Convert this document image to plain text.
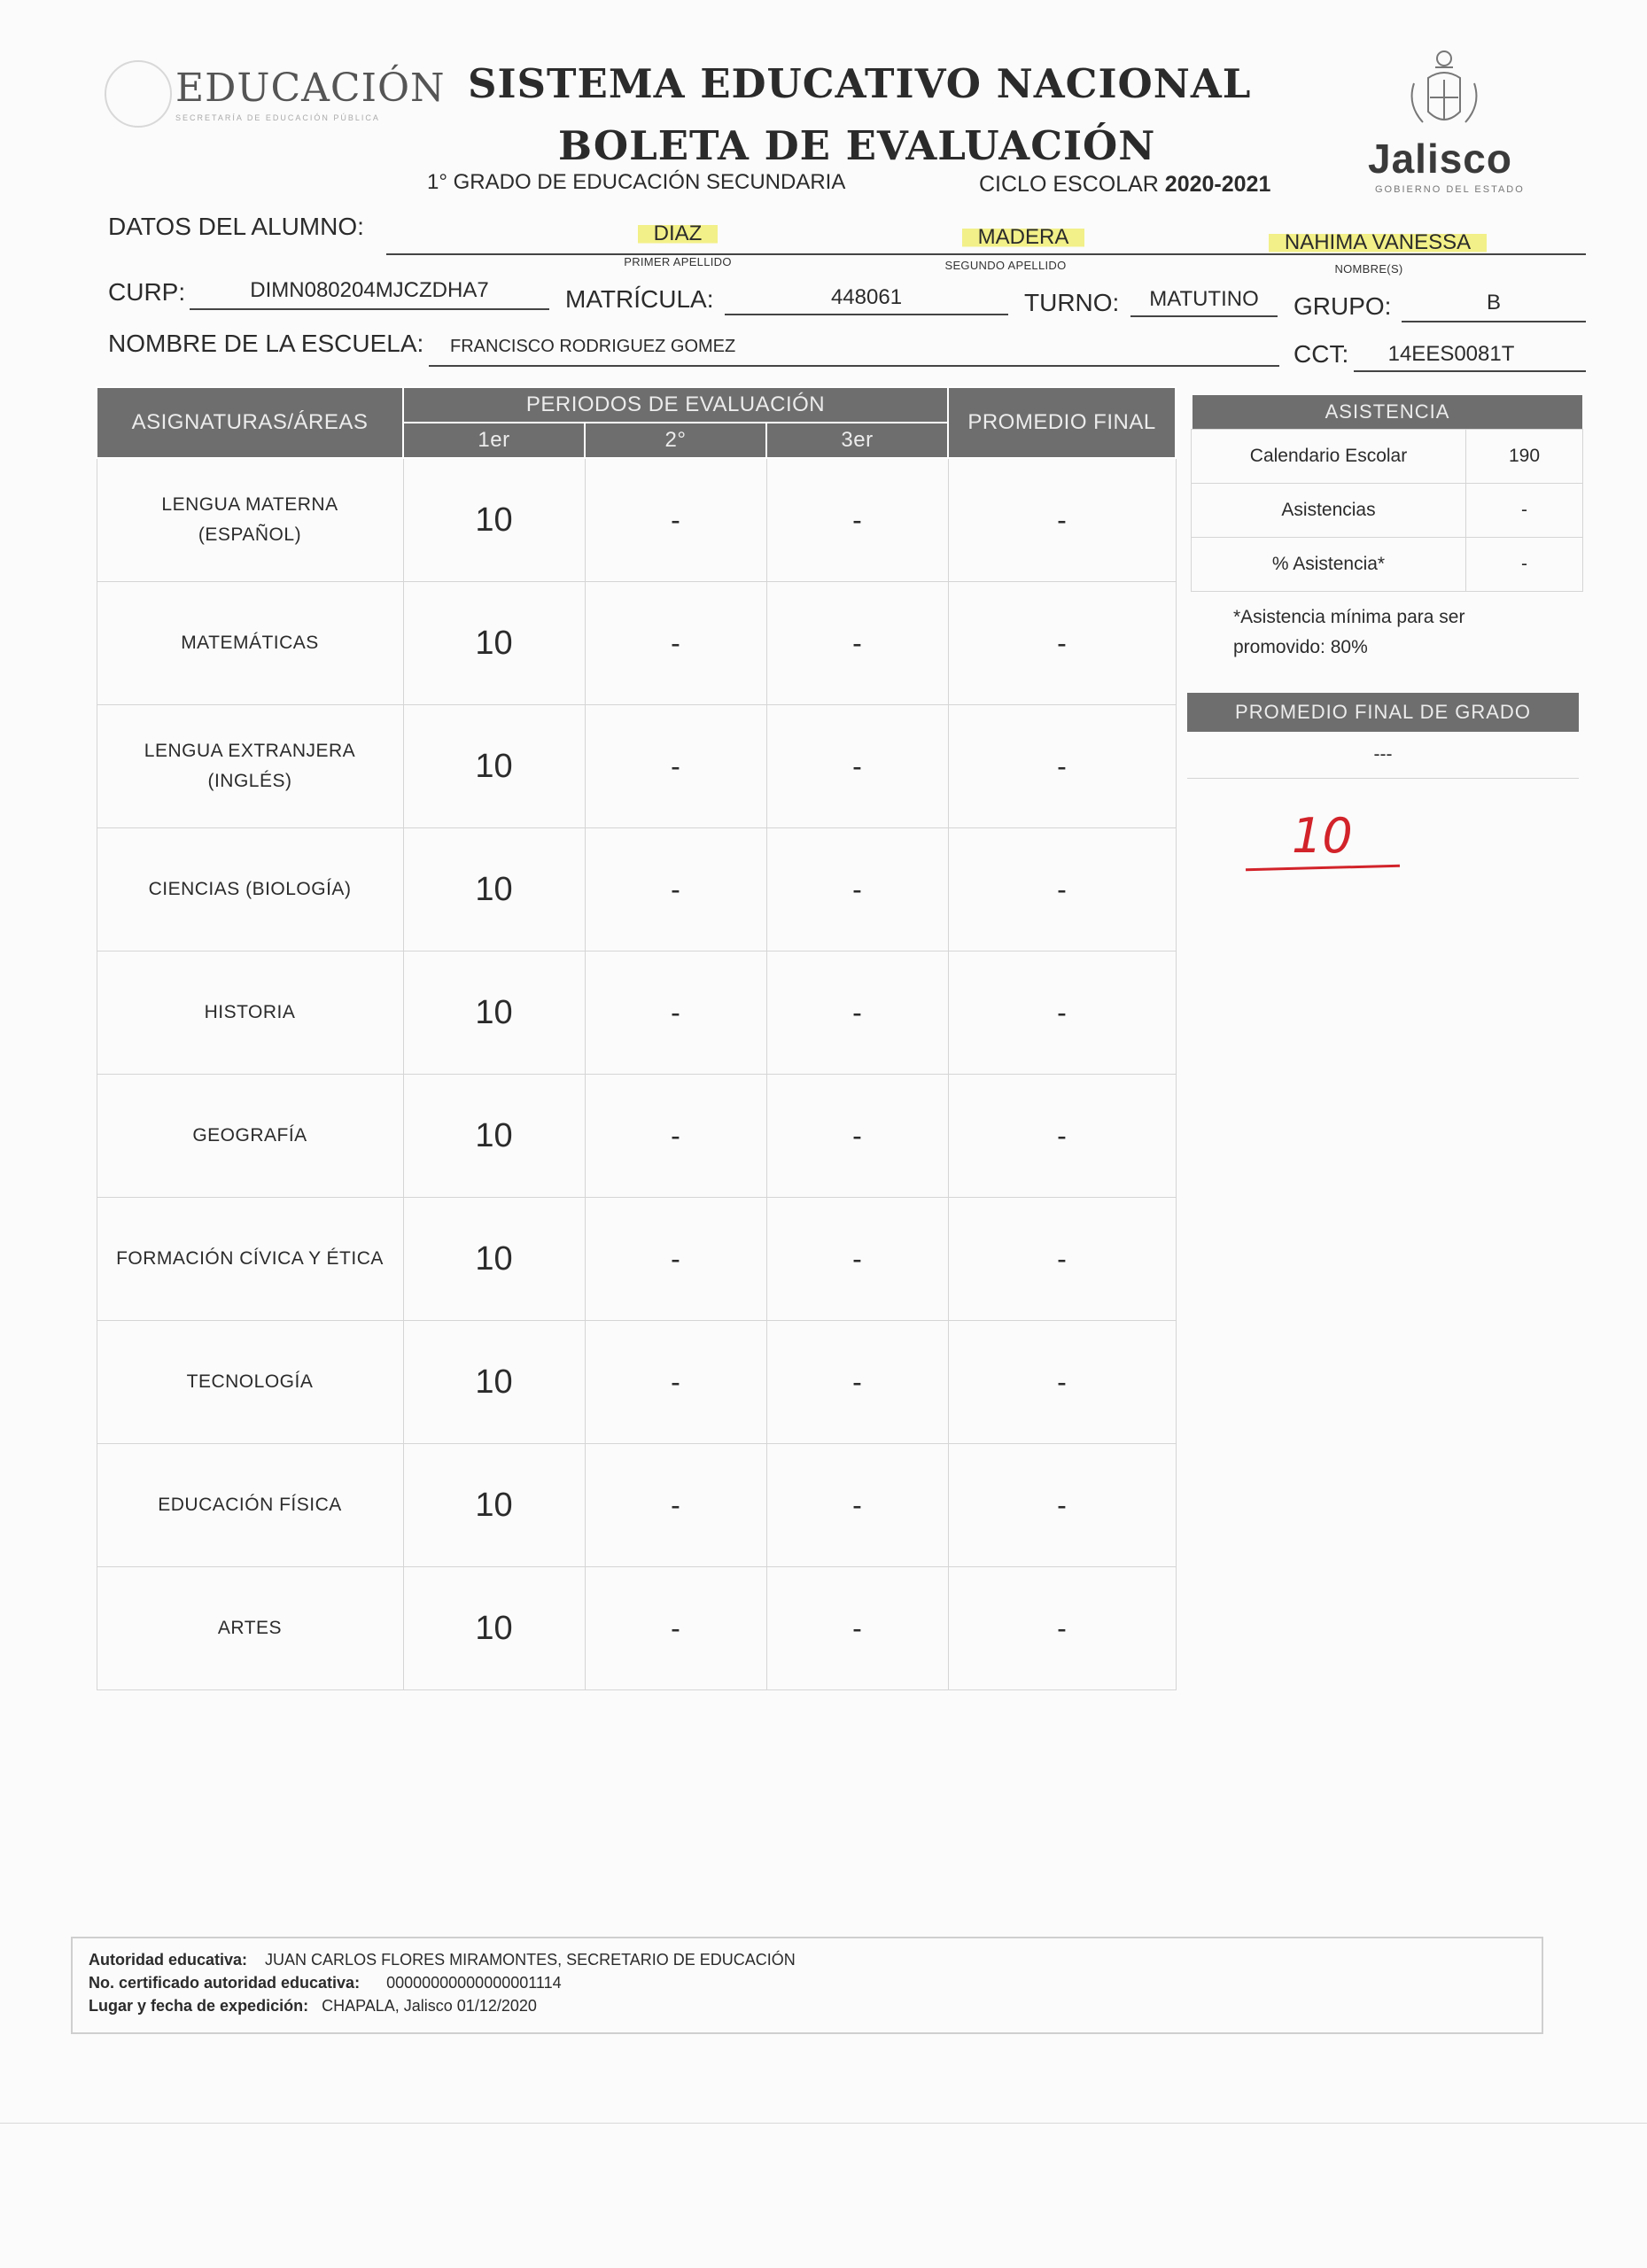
EDUCACIÓN
SECRETARÍA DE EDUCACIÓN PÚBLICA
SISTEMA EDUCATIVO NACIONAL
BOLETA DE EVALUACIÓN
1° GRADO DE EDUCACIÓN SECUNDARIA	CICLO ESCOLAR 2020-2021
Jalisco
GOBIERNO DEL ESTADO
DATOS DEL ALUMNO:	DIAZ	MADERA	NAHIMA VANESSA
PRIMER APELLIDO	SEGUNDO APELLIDO	NOMBRE(S)
CURP:	DIMN080204MJCZDHA7	MATRÍCULA:	448061	TURNO:	MATUTINO	GRUPO:	B
NOMBRE DE LA ESCUELA: FRANCISCO RODRIGUEZ GOMEZ	CCT:	14EES0081T
ASIGNATURAS/ÁREAS	PERIODOS DE EVALUACIÓN			PROMEDIO FINAL
	1er	2°	3er	
LENGUA MATERNA (ESPAÑOL)	10	-	-	-
MATEMÁTICAS	10	-	-	-
LENGUA EXTRANJERA (INGLÉS)	10	-	-	-
CIENCIAS (BIOLOGÍA)	10	-	-	-
HISTORIA	10	-	-	-
GEOGRAFÍA	10	-	-	-
FORMACIÓN CÍVICA Y ÉTICA	10	-	-	-
TECNOLOGÍA	10	-	-	-
EDUCACIÓN FÍSICA	10	-	-	-
ARTES	10	-	-	-
ASISTENCIA
Calendario Escolar	190
Asistencias	-
% Asistencia*	-
*Asistencia mínima para ser promovido: 80%
PROMEDIO FINAL DE GRADO
---
10
Autoridad educativa: JUAN CARLOS FLORES MIRAMONTES, SECRETARIO DE EDUCACIÓN
No. certificado autoridad educativa: 00000000000000001114
Lugar y fecha de expedición: CHAPALA, Jalisco 01/12/2020
